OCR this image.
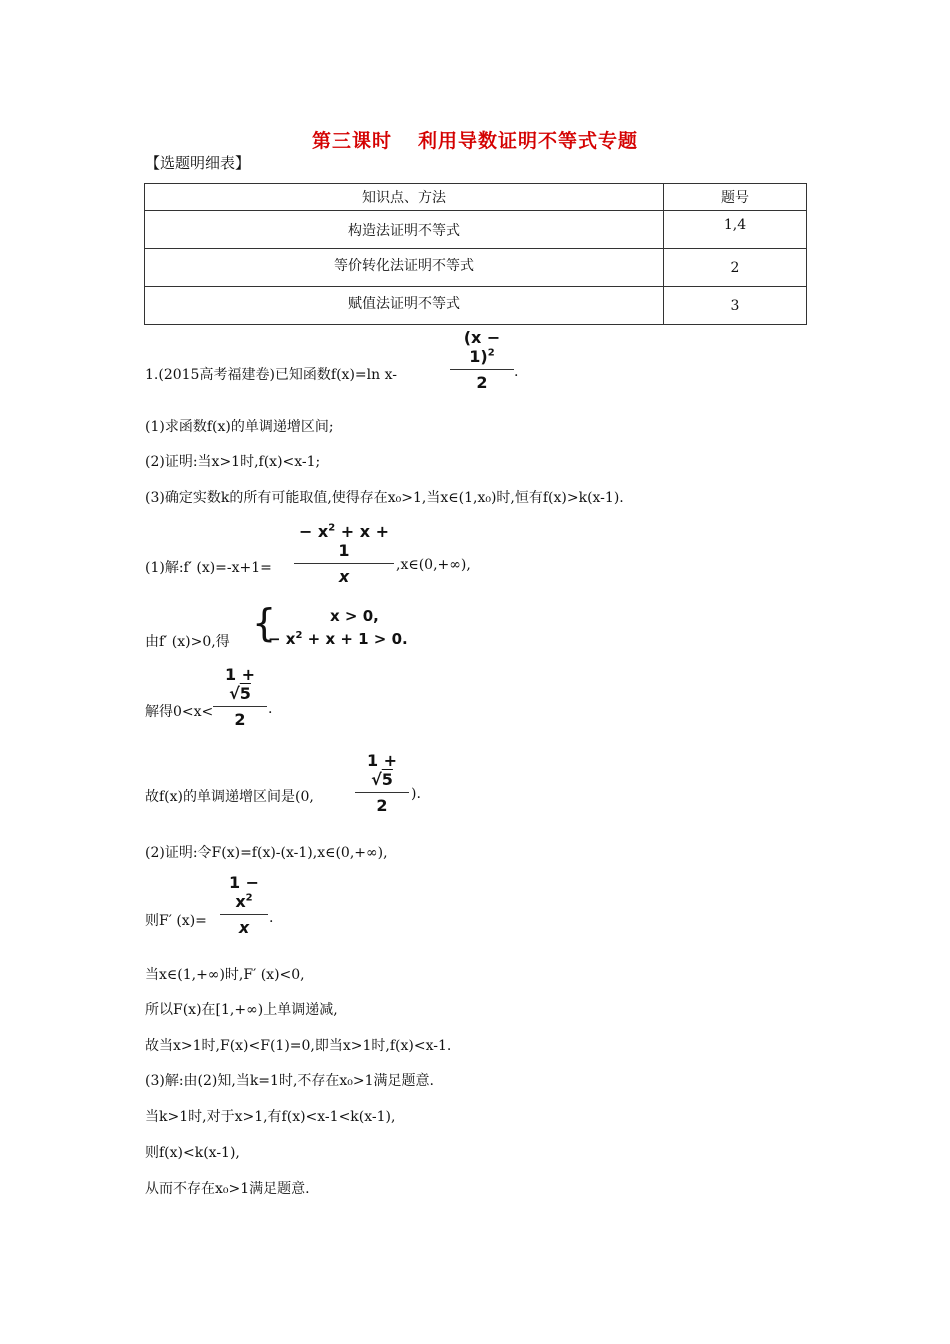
第三课时 利用导数证明不等式专题
【选题明细表】
知识点、方法	题号
构造法证明不等式	1,4
等价转化法证明不等式	2
赋值法证明不等式	3
$\frac{(x - 1)^2}{2}$
1.(2015高考福建卷)已知函数f(x)=ln x-	.
(1)求函数f(x)的单调递增区间;
(2)证明:当x>1时,f(x)<x-1;
(3)确定实数k的所有可能取值,使得存在x₀>1,当x∈(1,x₀)时,恒有f(x)>k(x-1).
(1)解:f′ $(x)=-x+1= \frac{- x^2 + x + 1}{x}$ ,x∈(0,+∞),
由f′ (x)>0,得 {	x > 0,
− $x^2 + x + 1 > 0$.
解得$0<x< \frac{1 + √5}{2}$ .
故f(x)的单调递增区间是(0,	$\frac{1 + √5}{2}$ ).
(2)证明:令F(x)=f(x)-(x-1),x∈(0,+∞),
则F′ $(x)= \frac{1 - x^2}{x}$ .
当x∈(1,+∞)时,F′ (x)<0,
所以F(x)在[1,+∞)上单调递减,
故当x>1时,F(x)<F(1)=0,即当x>1时,f(x)<x-1.
(3)解:由(2)知,当k=1时,不存在x₀>1满足题意.
当k>1时,对于x>1,有f(x)<x-1<k(x-1),
则f(x)<k(x-1),
从而不存在x₀>1满足题意.
